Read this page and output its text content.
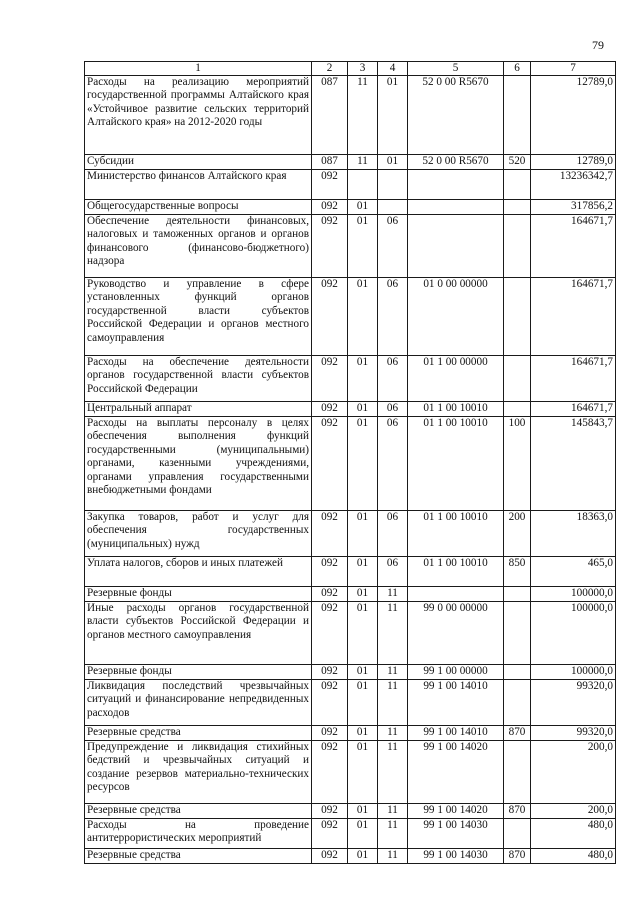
79
1	2	3	4	5	6	7
Расходы на реализацию мероприятий государственной программы Алтайского края «Устойчивое развитие сельских территорий Алтайского края» на 2012-2020 годы	087	11	01	52 0 00 R5670		12789,0
Субсидии	087	11	01	52 0 00 R5670	520	12789,0
Министерство финансов Алтайского края	092					13236342,7
Общегосударственные вопросы	092	01				317856,2
Обеспечение деятельности финансовых, налоговых и таможенных органов и органов финансового (финансово-бюджетного) надзора	092	01	06			164671,7
Руководство и управление в сфере установленных функций органов государственной власти субъектов Российской Федерации и органов местного самоуправления	092	01	06	01 0 00 00000		164671,7
Расходы на обеспечение деятельности органов государственной власти субъектов Российской Федерации	092	01	06	01 1 00 00000		164671,7
Центральный аппарат	092	01	06	01 1 00 10010		164671,7
Расходы на выплаты персоналу в целях обеспечения выполнения функций государственными (муниципальными) органами, казенными учреждениями, органами управления государственными внебюджетными фондами	092	01	06	01 1 00 10010	100	145843,7
Закупка товаров, работ и услуг для обеспечения государственных (муниципальных) нужд	092	01	06	01 1 00 10010	200	18363,0
Уплата налогов, сборов и иных платежей	092	01	06	01 1 00 10010	850	465,0
Резервные фонды	092	01	11			100000,0
Иные расходы органов государственной власти субъектов Российской Федерации и органов местного самоуправления	092	01	11	99 0 00 00000		100000,0
Резервные фонды	092	01	11	99 1 00 00000		100000,0
Ликвидация последствий чрезвычайных ситуаций и финансирование непредвиденных расходов	092	01	11	99 1 00 14010		99320,0
Резервные средства	092	01	11	99 1 00 14010	870	99320,0
Предупреждение и ликвидация стихийных бедствий и чрезвычайных ситуаций и создание резервов материально-технических ресурсов	092	01	11	99 1 00 14020		200,0
Резервные средства	092	01	11	99 1 00 14020	870	200,0
Расходы на проведение антитеррористических мероприятий	092	01	11	99 1 00 14030		480,0
Резервные средства	092	01	11	99 1 00 14030	870	480,0
